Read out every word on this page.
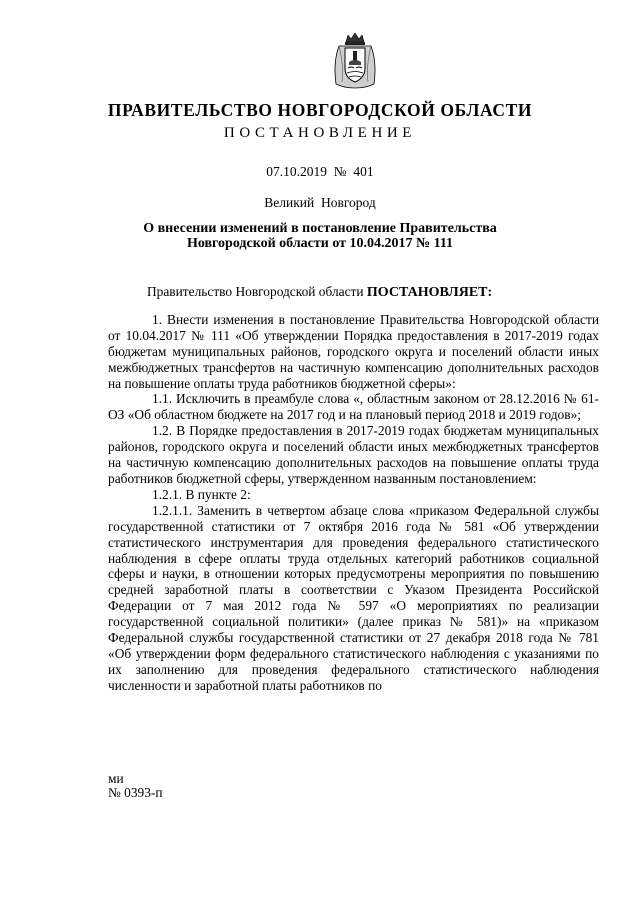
ПРАВИТЕЛЬСТВО НОВГОРОДСКОЙ ОБЛАСТИ
ПОСТАНОВЛЕНИЕ
07.10.2019  №  401
Великий  Новгород
О внесении изменений в постановление Правительства
Новгородской области от 10.04.2017 № 111

Правительство Новгородской области ПОСТАНОВЛЯЕТ:

1. Внести изменения в постановление Правительства Новгородской области от 10.04.2017 № 111 «Об утверждении Порядка предоставления в 2017-2019 годах бюджетам муниципальных районов, городского округа и поселений области иных межбюджетных трансфертов на частичную компенсацию дополнительных расходов на повышение оплаты труда работников бюджетной сферы»:

1.1. Исключить в преамбуле слова «, областным законом от 28.12.2016 № 61-ОЗ «Об областном бюджете на 2017 год и на плановый период 2018 и 2019 годов»;

1.2. В Порядке предоставления в 2017-2019 годах бюджетам муниципальных районов, городского округа и поселений области иных межбюджетных трансфертов на частичную компенсацию дополнительных расходов на повышение оплаты труда работников бюджетной сферы, утвержденном названным постановлением:

1.2.1. В пункте 2:

1.2.1.1. Заменить в четвертом абзаце слова «приказом Федеральной службы государственной статистики от 7 октября 2016 года № 581 «Об утверждении статистического инструментария для проведения федерального статистического наблюдения в сфере оплаты труда отдельных категорий работников социальной сферы и науки, в отношении которых предусмотрены мероприятия по повышению средней заработной платы в соответствии с Указом Президента Российской Федерации от 7 мая 2012 года № 597 «О мероприятиях по реализации государственной социальной политики» (далее приказ № 581)» на «приказом Федеральной службы государственной статистики от 27 декабря 2018 года № 781 «Об утверждении форм федерального статистического наблюдения с указаниями по их заполнению для проведения федерального статистического наблюдения численности и заработной платы работников по

ми
№ 0393-п
